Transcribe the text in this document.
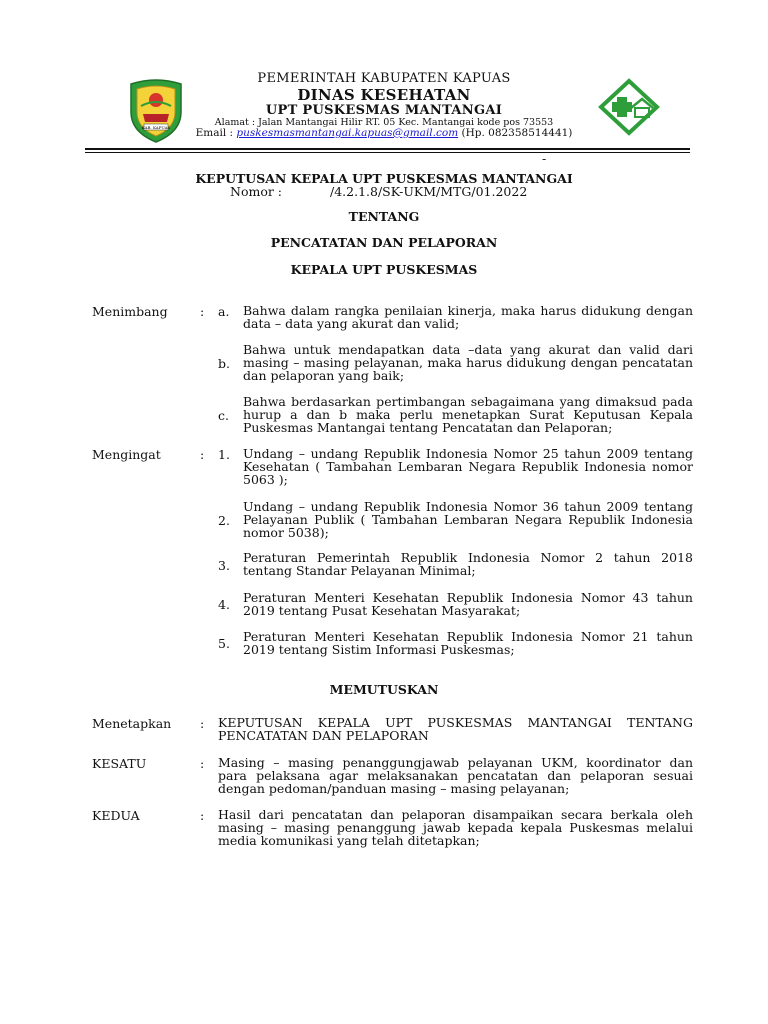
KAB. KAPUAS
PEMERINTAH KABUPATEN KAPUAS
DINAS KESEHATAN
UPT PUSKESMAS MANTANGAI
Alamat : Jalan Mantangai Hilir RT. 05 Kec. Mantangai kode pos 73553
Email : puskesmasmantangai.kapuas@gmail.com (Hp. 082358514441)
-
KEPUTUSAN KEPALA UPT PUSKESMAS MANTANGAI
Nomor :	/4.2.1.8/SK-UKM/MTG/01.2022
TENTANG
PENCATATAN DAN PELAPORAN
KEPALA UPT PUSKESMAS
Menimbang	: a. Bahwa dalam rangka penilaian kinerja, maka harus didukung dengan data – data yang akurat dan valid;
b.
Bahwa untuk mendapatkan data –data yang akurat dan valid dari masing – masing pelayanan, maka harus didukung dengan pencatatan dan pelaporan yang baik;
c.
Bahwa berdasarkan pertimbangan sebagaimana yang dimaksud pada hurup a dan b maka perlu menetapkan Surat Keputusan Kepala Puskesmas Mantangai tentang Pencatatan dan Pelaporan;
Mengingat	: 1. Undang – undang Republik Indonesia Nomor 25 tahun 2009 tentang Kesehatan ( Tambahan Lembaran Negara Republik Indonesia nomor 5063 );
2.
Undang – undang Republik Indonesia Nomor 36 tahun 2009 tentang Pelayanan Publik ( Tambahan Lembaran Negara Republik Indonesia nomor 5038);
3.
Peraturan Pemerintah Republik Indonesia Nomor 2 tahun 2018 tentang Standar Pelayanan Minimal;
4. Peraturan Menteri Kesehatan Republik Indonesia Nomor 43 tahun 2019 tentang Pusat Kesehatan Masyarakat;
5. Peraturan Menteri Kesehatan Republik Indonesia Nomor 21 tahun 2019 tentang Sistim Informasi Puskesmas;
MEMUTUSKAN
Menetapkan : KEPUTUSAN KEPALA UPT PUSKESMAS MANTANGAI TENTANG PENCATATAN DAN PELAPORAN
KESATU	: Masing – masing penanggungjawab pelayanan UKM, koordinator dan para pelaksana agar melaksanakan pencatatan dan pelaporan sesuai dengan pedoman/panduan masing – masing pelayanan;
KEDUA	: Hasil dari pencatatan dan pelaporan disampaikan secara berkala oleh masing – masing penanggung jawab kepada kepala Puskesmas melalui media komunikasi yang telah ditetapkan;
